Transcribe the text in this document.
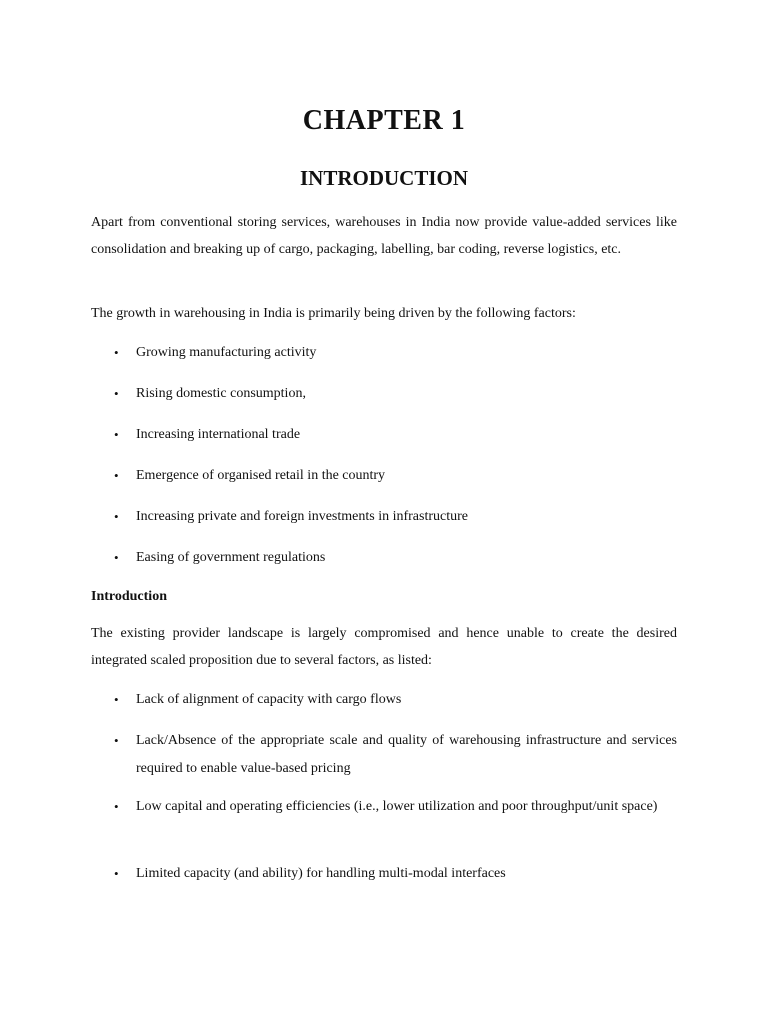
CHAPTER 1
INTRODUCTION

Apart from conventional storing services, warehouses in India now provide value-added services like consolidation and breaking up of cargo, packaging, labelling, bar coding, reverse logistics, etc.

The growth in warehousing in India is primarily being driven by the following factors:

• Growing manufacturing activity
• Rising domestic consumption,
• Increasing international trade
• Emergence of organised retail in the country
• Increasing private and foreign investments in infrastructure
• Easing of government regulations
Introduction

The existing provider landscape is largely compromised and hence unable to create the desired integrated scaled proposition due to several factors, as listed:

• Lack of alignment of capacity with cargo flows
• Lack/Absence of the appropriate scale and quality of warehousing infrastructure and services required to enable value-based pricing
• Low capital and operating efficiencies (i.e., lower utilization and poor throughput/unit space)
• Limited capacity (and ability) for handling multi-modal interfaces
